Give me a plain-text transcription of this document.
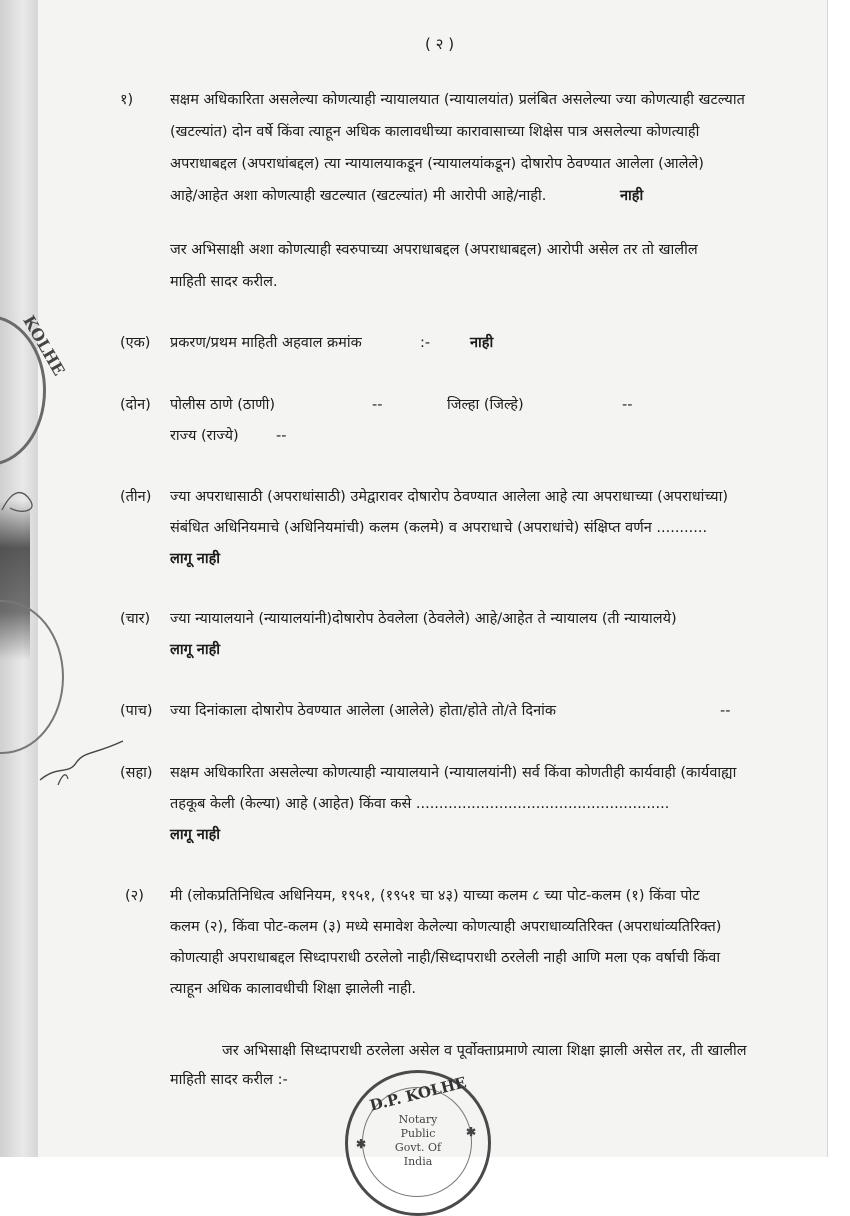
KOLHE
( २ )
१)	सक्षम अधिकारिता असलेल्या कोणत्याही न्यायालयात (न्यायालयांत) प्रलंबित असलेल्या ज्या कोणत्याही खटल्यात
(खटल्यांत) दोन वर्षे किंवा त्याहून अधिक कालावधीच्या कारावासाच्या शिक्षेस पात्र असलेल्या कोणत्याही
अपराधाबद्दल (अपराधांबद्दल) त्या न्यायालयाकडून (न्यायालयांकडून) दोषारोप ठेवण्यात आलेला (आलेले)
आहे/आहेत अशा कोणत्याही खटल्यात (खटल्यांत) मी आरोपी आहे/नाही.	नाही
जर अभिसाक्षी अशा कोणत्याही स्वरुपाच्या अपराधाबद्दल (अपराधाबद्दल) आरोपी असेल तर तो खालील
माहिती सादर करील.
(एक) प्रकरण/प्रथम माहिती अहवाल क्रमांक	:-	नाही
(दोन) पोलीस ठाणे (ठाणी)	--	जिल्हा (जिल्हे)	--
राज्य (राज्ये)	--
(तीन) ज्या अपराधासाठी (अपराधांसाठी) उमेद्वारावर दोषारोप ठेवण्यात आलेला आहे त्या अपराधाच्या (अपराधांच्या)
संबंधित अधिनियमाचे (अधिनियमांची) कलम (कलमे) व अपराधाचे (अपराधांचे) संक्षिप्त वर्णन ...........
लागू नाही
(चार) ज्या न्यायालयाने (न्यायालयांनी)दोषारोप ठेवलेला (ठेवलेले) आहे/आहेत ते न्यायालय (ती न्यायालये)
लागू नाही
(पाच) ज्या दिनांकाला दोषारोप ठेवण्यात आलेला (आलेले) होता/होते तो/ते दिनांक	--
(सहा) सक्षम अधिकारिता असलेल्या कोणत्याही न्यायालयाने (न्यायालयांनी) सर्व किंवा कोणतीही कार्यवाही (कार्यवाह्या
तहकूब केली (केल्या) आहे (आहेत) किंवा कसे .......................................................
लागू नाही
(२) मी (लोकप्रतिनिधित्व अधिनियम, १९५१, (१९५१ चा ४३) याच्या कलम ८ च्या पोट-कलम (१) किंवा पोट
कलम (२), किंवा पोट-कलम (३) मध्ये समावेश केलेल्या कोणत्याही अपराधाव्यतिरिक्त (अपराधांव्यतिरिक्त)
कोणत्याही अपराधाबद्दल सिध्दापराधी ठरलेलो नाही/सिध्दापराधी ठरलेली नाही आणि मला एक वर्षाची किंवा
त्याहून अधिक कालावधीची शिक्षा झालेली नाही.
जर अभिसाक्षी सिध्दापराधी ठरलेला असेल व पूर्वोक्ताप्रमाणे त्याला शिक्षा झाली असेल तर, ती खालील
माहिती सादर करील :-	D.P. KOLHE
Notary
Public
Govt. Of
India
✱
✱
